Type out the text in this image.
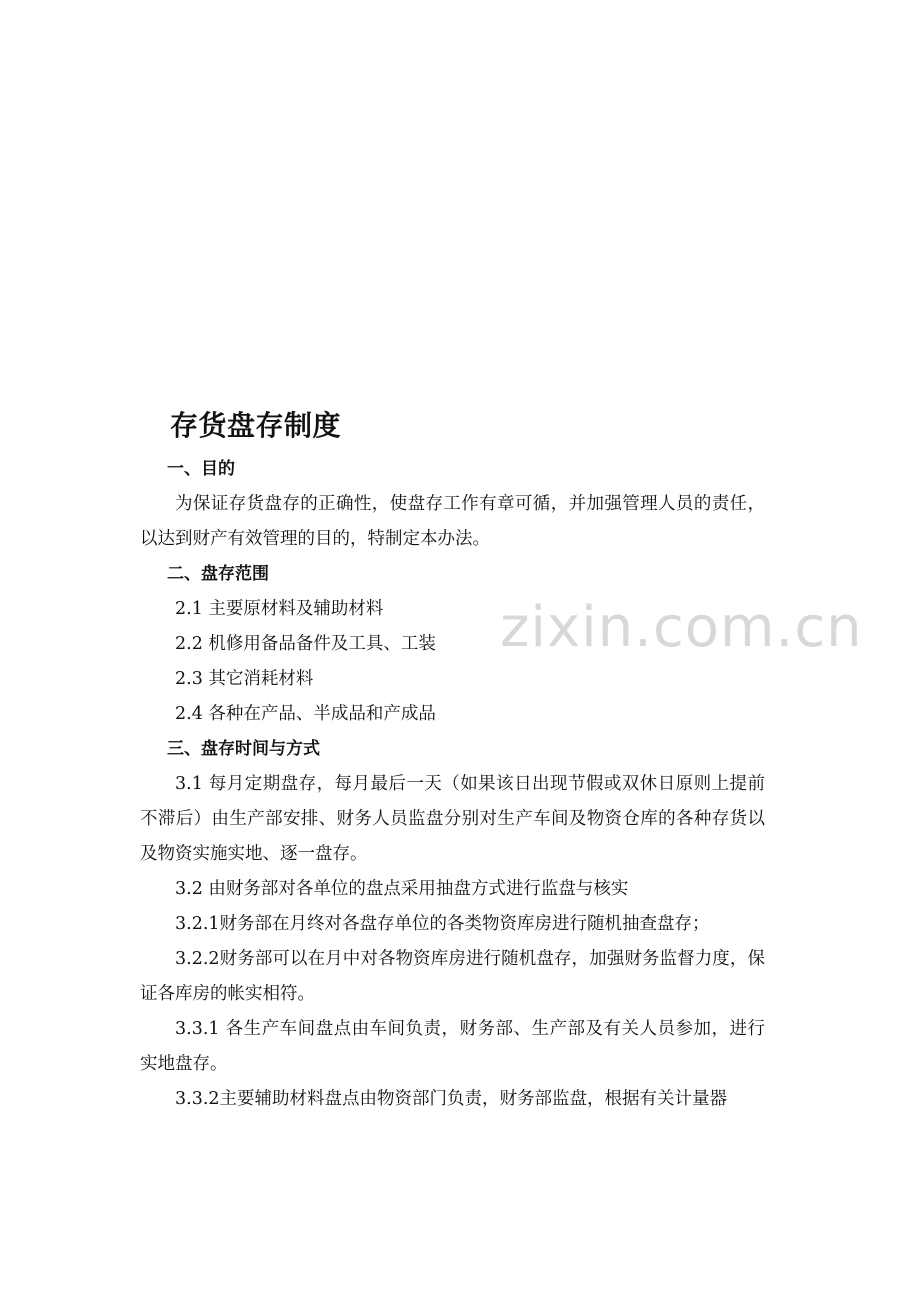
存货盘存制度

一、目的

为保证存货盘存的正确性，使盘存工作有章可循，并加强管理人员的责任，以达到财产有效管理的目的，特制定本办法。

二、盘存范围

2.1 主要原材料及辅助材料

2.2 机修用备品备件及工具、工装

2.3 其它消耗材料

2.4 各种在产品、半成品和产成品

三、盘存时间与方式

3.1 每月定期盘存，每月最后一天（如果该日出现节假或双休日原则上提前不滞后）由生产部安排、财务人员监盘分别对生产车间及物资仓库的各种存货以及物资实施实地、逐一盘存。

3.2 由财务部对各单位的盘点采用抽盘方式进行监盘与核实

3.2.1财务部在月终对各盘存单位的各类物资库房进行随机抽查盘存；

3.2.2财务部可以在月中对各物资库房进行随机盘存，加强财务监督力度，保证各库房的帐实相符。

3.3.1 各生产车间盘点由车间负责，财务部、生产部及有关人员参加，进行实地盘存。

3.3.2主要辅助材料盘点由物资部门负责，财务部监盘，根据有关计量器

zixin.com.cn
